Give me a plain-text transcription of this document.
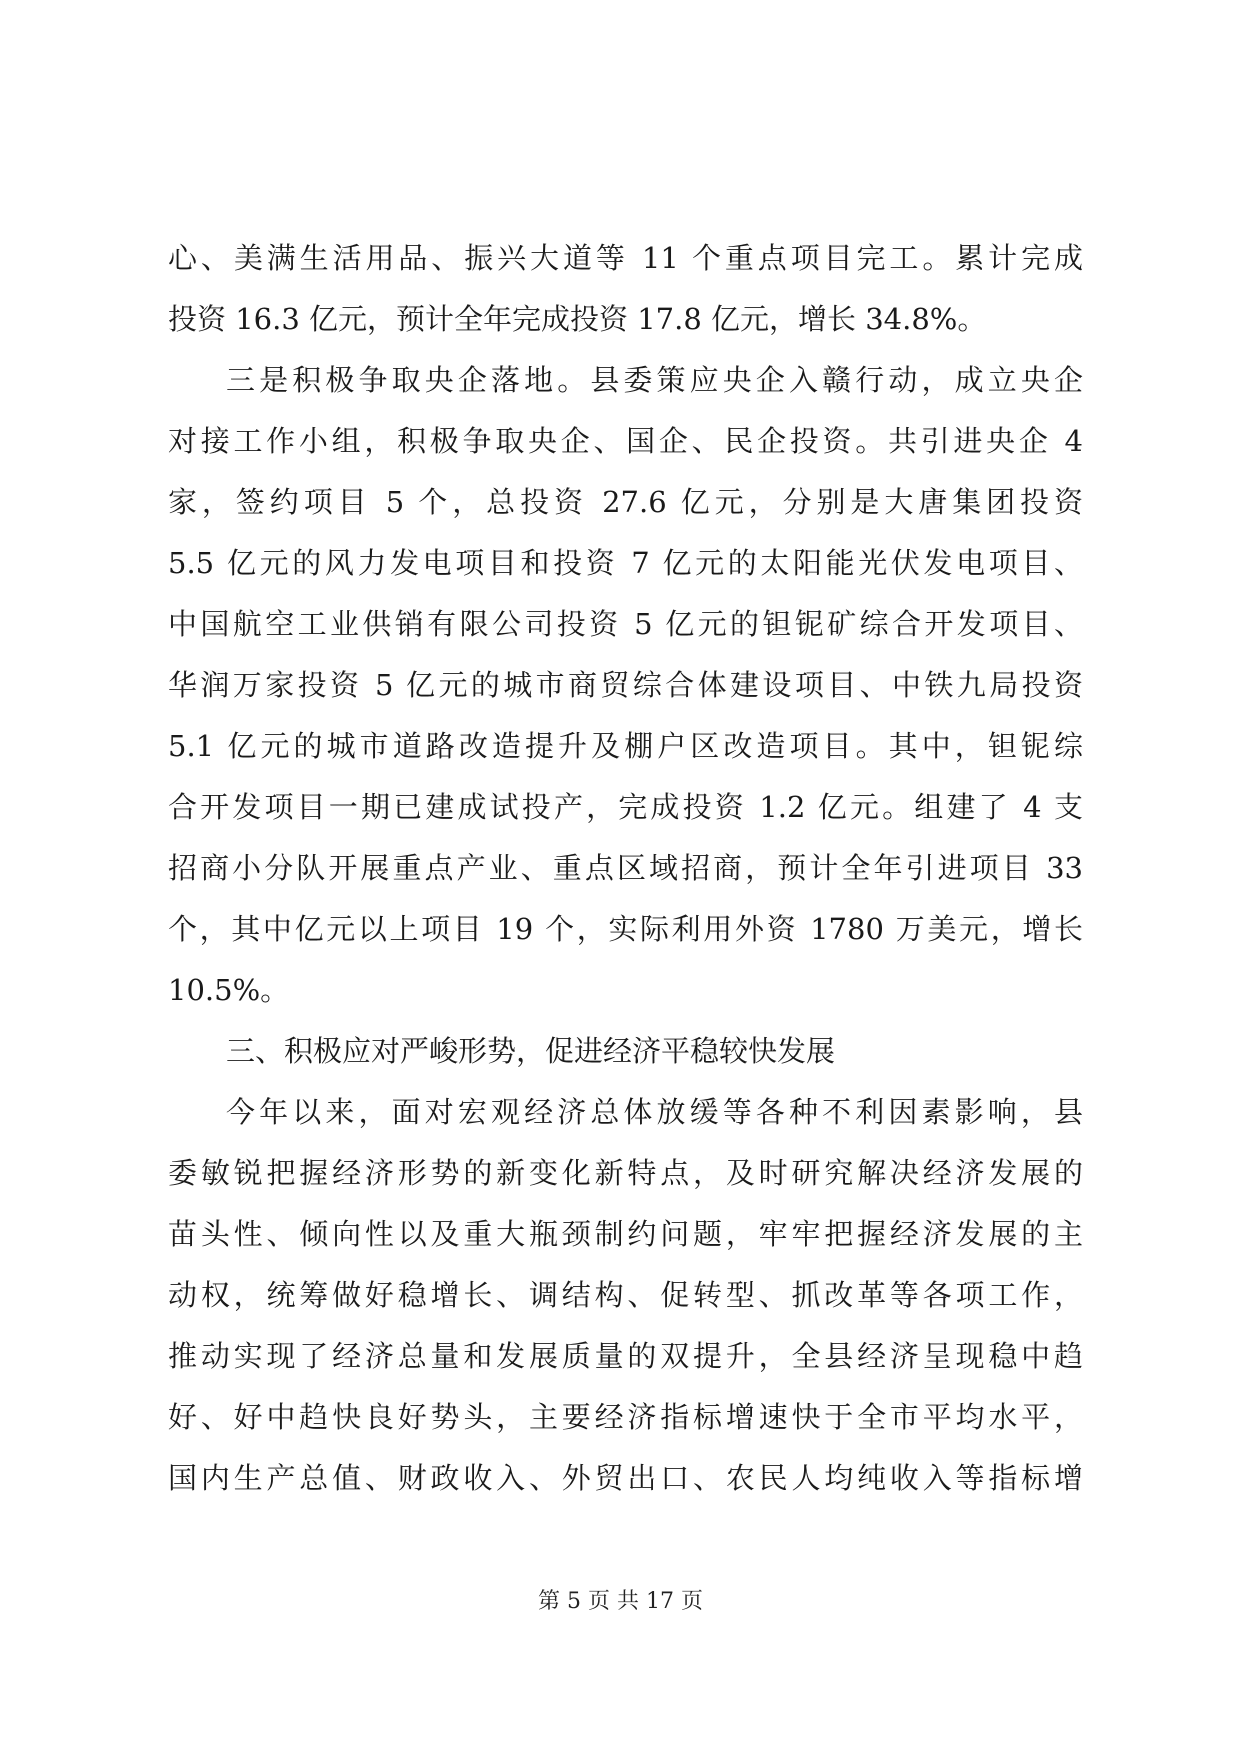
心、美满生活用品、振兴大道等 11 个重点项目完工。累计完成
投资 16.3 亿元，预计全年完成投资 17.8 亿元，增长 34.8%。
三是积极争取央企落地。县委策应央企入赣行动，成立央企
对接工作小组，积极争取央企、国企、民企投资。共引进央企 4
家，签约项目 5 个，总投资 27.6 亿元，分别是大唐集团投资
5.5 亿元的风力发电项目和投资 7 亿元的太阳能光伏发电项目、
中国航空工业供销有限公司投资 5 亿元的钽铌矿综合开发项目、
华润万家投资 5 亿元的城市商贸综合体建设项目、中铁九局投资
5.1 亿元的城市道路改造提升及棚户区改造项目。其中，钽铌综
合开发项目一期已建成试投产，完成投资 1.2 亿元。组建了 4 支
招商小分队开展重点产业、重点区域招商，预计全年引进项目 33
个，其中亿元以上项目 19 个，实际利用外资 1780 万美元，增长
10.5%。
三、积极应对严峻形势，促进经济平稳较快发展
今年以来，面对宏观经济总体放缓等各种不利因素影响，县
委敏锐把握经济形势的新变化新特点，及时研究解决经济发展的
苗头性、倾向性以及重大瓶颈制约问题，牢牢把握经济发展的主
动权，统筹做好稳增长、调结构、促转型、抓改革等各项工作，
推动实现了经济总量和发展质量的双提升，全县经济呈现稳中趋
好、好中趋快良好势头，主要经济指标增速快于全市平均水平，
国内生产总值、财政收入、外贸出口、农民人均纯收入等指标增
第 5 页 共 17 页
